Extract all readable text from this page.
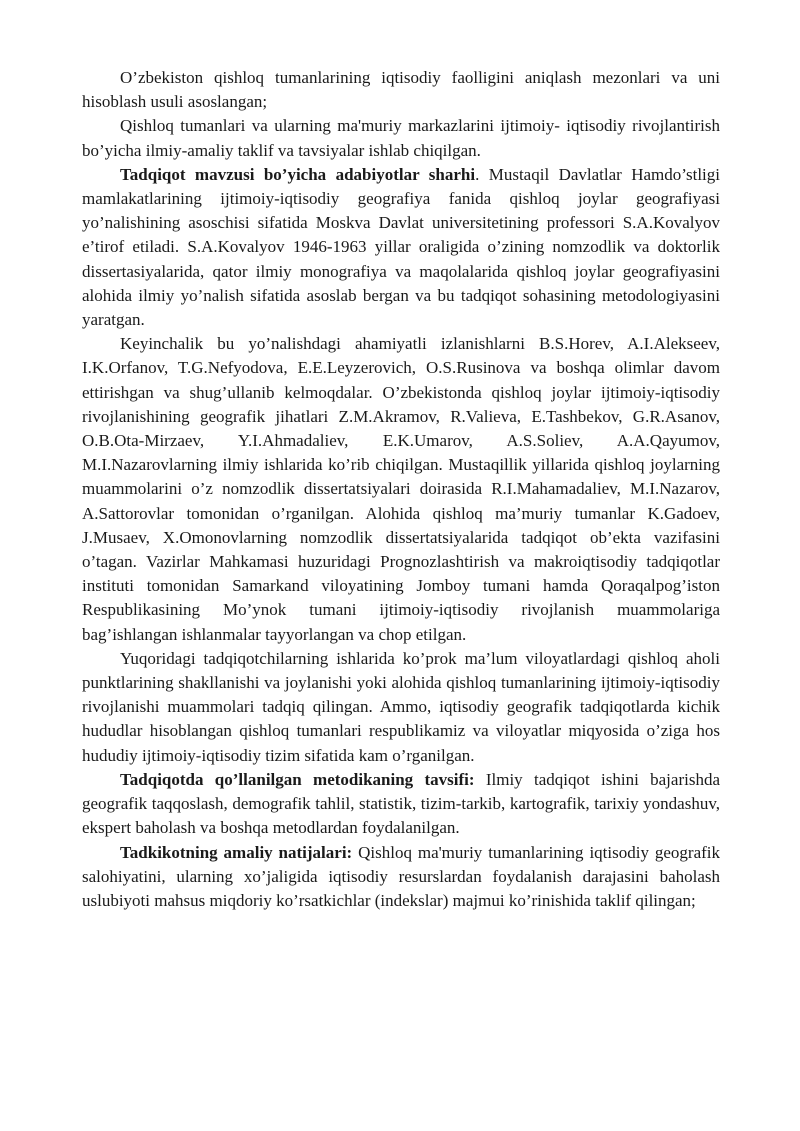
O’zbekiston qishloq tumanlarining iqtisodiy faolligini aniqlash mezonlari va uni hisoblash usuli asoslangan;

Qishloq tumanlari va ularning ma'muriy markazlarini ijtimoiy- iqtisodiy rivojlantirish bo’yicha ilmiy-amaliy taklif va tavsiyalar ishlab chiqilgan.

Tadqiqot mavzusi bo’yicha adabiyotlar sharhi. Mustaqil Davlatlar Hamdo’stligi mamlakatlarining ijtimoiy-iqtisodiy geografiya fanida qishloq joylar geografiyasi yo’nalishining asoschisi sifatida Moskva Davlat universitetining professori S.A.Kovalyov e’tirof etiladi. S.A.Kovalyov 1946-1963 yillar oraligida o’zining nomzodlik va doktorlik dissertasiyalarida, qator ilmiy monografiya va maqolalarida qishloq joylar geografiyasini alohida ilmiy yo’nalish sifatida asoslab bergan va bu tadqiqot sohasining metodologiyasini yaratgan.

Keyinchalik bu yo’nalishdagi ahamiyatli izlanishlarni B.S.Horev, A.I.Alekseev, I.K.Orfanov, T.G.Nefyodova, E.E.Leyzerovich, O.S.Rusinova va boshqa olimlar davom ettirishgan va shug’ullanib kelmoqdalar. O’zbekistonda qishloq joylar ijtimoiy-iqtisodiy rivojlanishining geografik jihatlari Z.M.Akramov, R.Valieva, E.Tashbekov, G.R.Asanov, O.B.Ota-Mirzaev, Y.I.Ahmadaliev, E.K.Umarov, A.S.Soliev, A.A.Qayumov, M.I.Nazarovlarning ilmiy ishlarida ko’rib chiqilgan. Mustaqillik yillarida qishloq joylarning muammolarini o’z nomzodlik dissertatsiyalari doirasida R.I.Mahamadaliev, M.I.Nazarov, A.Sattorovlar tomonidan o’rganilgan. Alohida qishloq ma’muriy tumanlar K.Gadoev, J.Musaev, X.Omonovlarning nomzodlik dissertatsiyalarida tadqiqot ob’ekta vazifasini o’tagan. Vazirlar Mahkamasi huzuridagi Prognozlashtirish va makroiqtisodiy tadqiqotlar instituti tomonidan Samarkand viloyatining Jomboy tumani hamda Qoraqalpog’iston Respublikasining Mo’ynok tumani ijtimoiy-iqtisodiy rivojlanish muammolariga bag’ishlangan ishlanmalar tayyorlangan va chop etilgan.

Yuqoridagi tadqiqotchilarning ishlarida ko’prok ma’lum viloyatlardagi qishloq aholi punktlarining shakllanishi va joylanishi yoki alohida qishloq tumanlarining ijtimoiy-iqtisodiy rivojlanishi muammolari tadqiq qilingan. Ammo, iqtisodiy geografik tadqiqotlarda kichik hududlar hisoblangan qishloq tumanlari respublikamiz va viloyatlar miqyosida o’ziga hos hududiy ijtimoiy-iqtisodiy tizim sifatida kam o’rganilgan.

Tadqiqotda qo’llanilgan metodikaning tavsifi: Ilmiy tadqiqot ishini bajarishda geografik taqqoslash, demografik tahlil, statistik, tizim-tarkib, kartografik, tarixiy yondashuv, ekspert baholash va boshqa metodlardan foydalanilgan.

Tadkikotning amaliy natijalari: Qishloq ma'muriy tumanlarining iqtisodiy geografik salohiyatini, ularning xo’jaligida iqtisodiy resurslardan foydalanish darajasini baholash uslubiyoti mahsus miqdoriy ko’rsatkichlar (indekslar) majmui ko’rinishida taklif qilingan;
